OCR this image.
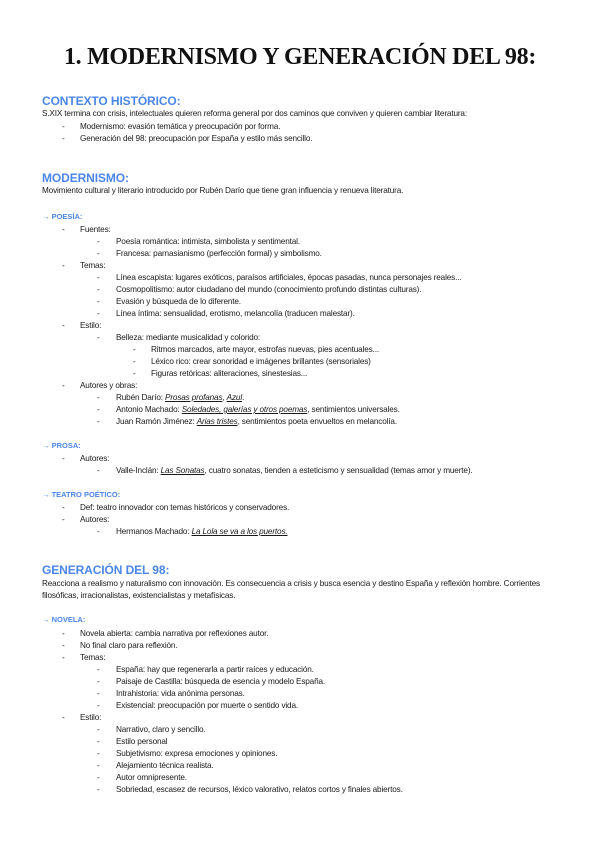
1. MODERNISMO Y GENERACIÓN DEL 98:
CONTEXTO HISTÓRICO:
S.XIX termina con crisis, intelectuales quieren reforma general por dos caminos que conviven y quieren cambiar literatura:
- Modernismo: evasión temática y preocupación por forma.
- Generación del 98: preocupación por España y estilo más sencillo.
MODERNISMO:
Movimiento cultural y literario introducido por Rubén Darío que tiene gran influencia y renueva literatura.
→ POESÍA:
- Fuentes:
- Poesía romántica: intimista, simbolista y sentimental.
- Francesa: parnasianismo (perfección formal) y simbolismo.
- Temas:
- Línea escapista: lugares exóticos, paraísos artificiales, épocas pasadas, nunca personajes reales...
- Cosmopolitismo: autor ciudadano del mundo (conocimiento profundo distintas culturas).
- Evasión y búsqueda de lo diferente.
- Línea íntima: sensualidad, erotismo, melancolía (traducen malestar).
- Estilo:
- Belleza: mediante musicalidad y colorido:
- Ritmos marcados, arte mayor, estrofas nuevas, pies acentuales...
- Léxico rico: crear sonoridad e imágenes brillantes (sensoriales)
- Figuras retóricas: aliteraciones, sinestesias...
- Autores y obras:
- Rubén Darío: Prosas profanas, Azul.
- Antonio Machado: Soledades, galerías y otros poemas, sentimientos universales.
- Juan Ramón Jiménez: Arias tristes, sentimientos poeta envueltos en melancolía.
→ PROSA:
- Autores:
- Valle-Inclán: Las Sonatas, cuatro sonatas, tienden a esteticismo y sensualidad (temas amor y muerte).
→ TEATRO POÉTICO:
- Def: teatro innovador con temas históricos y conservadores.
- Autores:
- Hermanos Machado: La Lola se va a los puertos.
GENERACIÓN DEL 98:
Reacciona a realismo y naturalismo con innovación. Es consecuencia a crisis y busca esencia y destino España y reflexión hombre. Corrientes filosóficas, irracionalistas, existencialistas y metafísicas.
→ NOVELA:
- Novela abierta: cambia narrativa por reflexiones autor.
- No final claro para reflexión.
- Temas:
- España: hay que regenerarla a partir raíces y educación.
- Paisaje de Castilla: búsqueda de esencia y modelo España.
- Intrahistoria: vida anónima personas.
- Existencial: preocupación por muerte o sentido vida.
- Estilo:
- Narrativo, claro y sencillo.
- Estilo personal
- Subjetivismo: expresa emociones y opiniones.
- Alejamiento técnica realista.
- Autor omnipresente.
- Sobriedad, escasez de recursos, léxico valorativo, relatos cortos y finales abiertos.
